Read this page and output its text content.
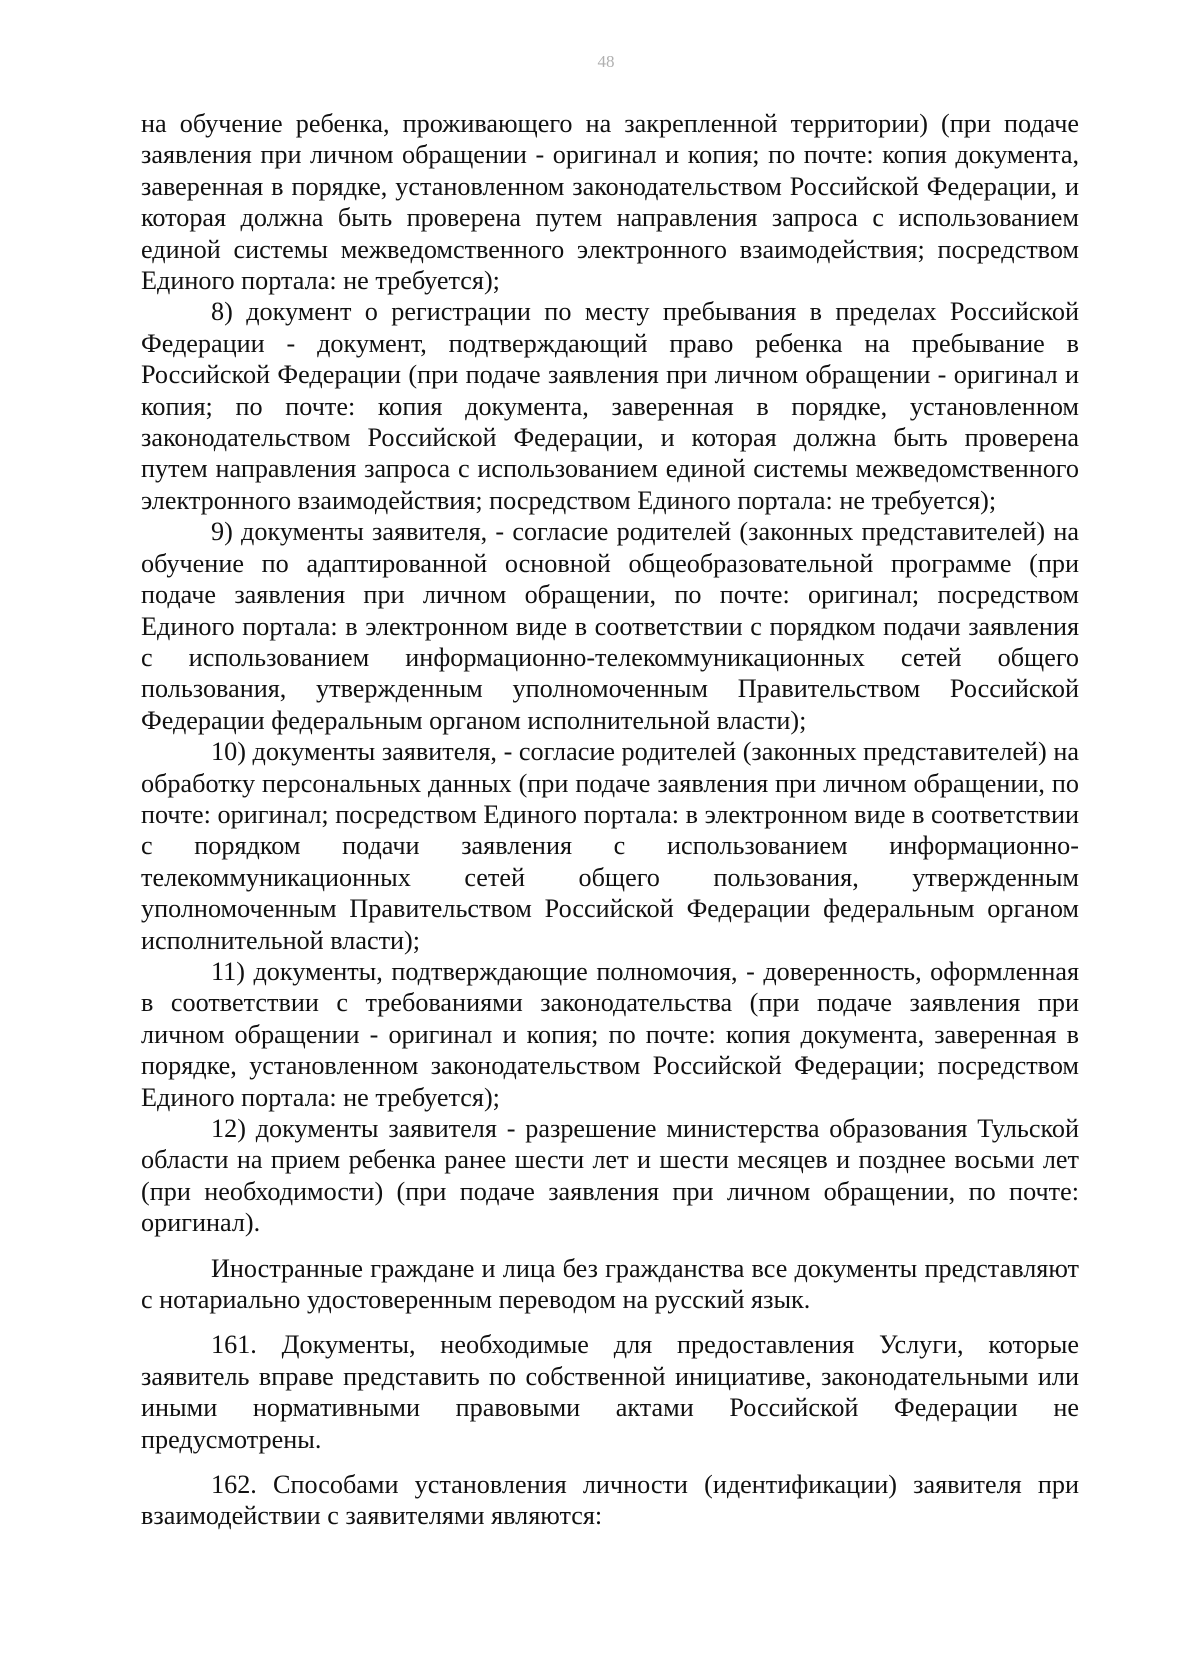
48

на обучение ребенка, проживающего на закрепленной территории) (при подаче заявления при личном обращении - оригинал и копия; по почте: копия документа, заверенная в порядке, установленном законодательством Российской Федерации, и которая должна быть проверена путем направления запроса с использованием единой системы межведомственного электронного взаимодействия; посредством Единого портала: не требуется);

8) документ о регистрации по месту пребывания в пределах Российской Федерации - документ, подтверждающий право ребенка на пребывание в Российской Федерации (при подаче заявления при личном обращении - оригинал и копия; по почте: копия документа, заверенная в порядке, установленном законодательством Российской Федерации, и которая должна быть проверена путем направления запроса с использованием единой системы межведомственного электронного взаимодействия; посредством Единого портала: не требуется);

9) документы заявителя, - согласие родителей (законных представителей) на обучение по адаптированной основной общеобразовательной программе (при подаче заявления при личном обращении, по почте: оригинал; посредством Единого портала: в электронном виде в соответствии с порядком подачи заявления с использованием информационно-телекоммуникационных сетей общего пользования, утвержденным уполномоченным Правительством Российской Федерации федеральным органом исполнительной власти);

10) документы заявителя, - согласие родителей (законных представителей) на обработку персональных данных (при подаче заявления при личном обращении, по почте: оригинал; посредством Единого портала: в электронном виде в соответствии с порядком подачи заявления с использованием информационно-телекоммуникационных сетей общего пользования, утвержденным уполномоченным Правительством Российской Федерации федеральным органом исполнительной власти);

11) документы, подтверждающие полномочия, - доверенность, оформленная в соответствии с требованиями законодательства (при подаче заявления при личном обращении - оригинал и копия; по почте: копия документа, заверенная в порядке, установленном законодательством Российской Федерации; посредством Единого портала: не требуется);

12) документы заявителя - разрешение министерства образования Тульской области на прием ребенка ранее шести лет и шести месяцев и позднее восьми лет (при необходимости) (при подаче заявления при личном обращении, по почте: оригинал).

Иностранные граждане и лица без гражданства все документы представляют с нотариально удостоверенным переводом на русский язык.

161. Документы, необходимые для предоставления Услуги, которые заявитель вправе представить по собственной инициативе, законодательными или иными нормативными правовыми актами Российской Федерации не предусмотрены.

162. Способами установления личности (идентификации) заявителя при взаимодействии с заявителями являются:
